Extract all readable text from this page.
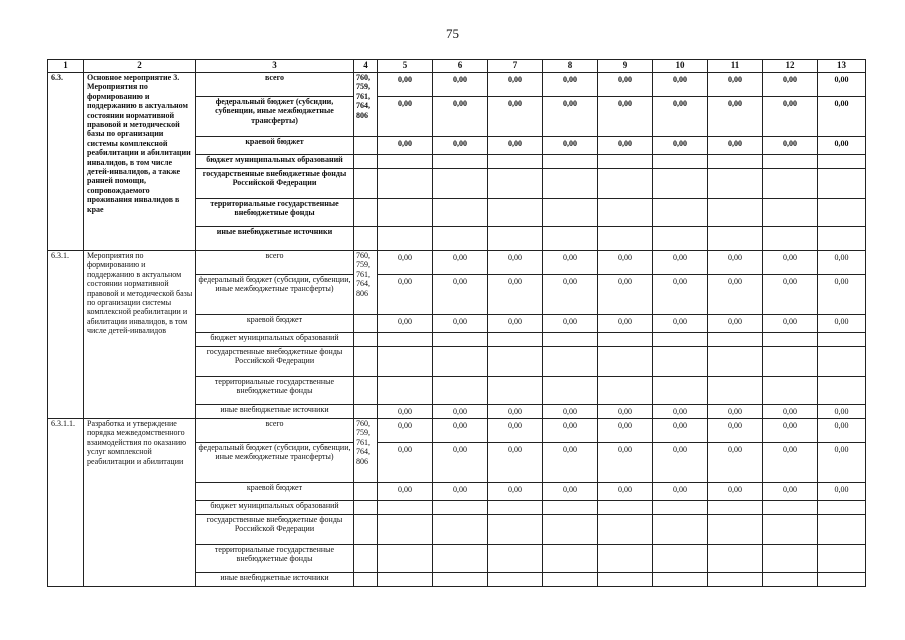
75
1	2	3	4	5	6	7	8	9	10	11	12	13
6.3.	Основное мероприятие 3. Мероприятия по формированию и поддержанию в актуальном состоянии нормативной правовой и методической базы по организации системы комплексной реабилитации и абилитации инвалидов, в том числе детей-инвалидов, а также ранней помощи, сопровождаемого проживания инвалидов в крае	всего	760, 759, 761, 764, 806	0,00	0,00	0,00	0,00	0,00	0,00	0,00	0,00	0,00
		федеральный бюджет (субсидии, субвенции, иные межбюджетные трансферты)		0,00	0,00	0,00	0,00	0,00	0,00	0,00	0,00	0,00
		краевой бюджет		0,00	0,00	0,00	0,00	0,00	0,00	0,00	0,00	0,00
		бюджет муниципальных образований										
		государственные внебюджетные фонды Российской Федерации										
		территориальные государственные внебюджетные фонды										
		иные внебюджетные источники										
6.3.1.	Мероприятия по формированию и поддержанию в актуальном состоянии нормативной правовой и методической базы по организации системы комплексной реабилитации и абилитации инвалидов, в том числе детей-инвалидов	всего	760, 759, 761, 764, 806	0,00	0,00	0,00	0,00	0,00	0,00	0,00	0,00	0,00
		федеральный бюджет (субсидии, субвенции, иные межбюджетные трансферты)		0,00	0,00	0,00	0,00	0,00	0,00	0,00	0,00	0,00
		краевой бюджет		0,00	0,00	0,00	0,00	0,00	0,00	0,00	0,00	0,00
		бюджет муниципальных образований										
		государственные внебюджетные фонды Российской Федерации										
		территориальные государственные внебюджетные фонды										
		иные внебюджетные источники		0,00	0,00	0,00	0,00	0,00	0,00	0,00	0,00	0,00
6.3.1.1.	Разработка и утверждение порядка межведомственного взаимодействия по оказанию услуг комплексной реабилитации и абилитации	всего	760, 759, 761, 764, 806	0,00	0,00	0,00	0,00	0,00	0,00	0,00	0,00	0,00
		федеральный бюджет (субсидии, субвенции, иные межбюджетные трансферты)		0,00	0,00	0,00	0,00	0,00	0,00	0,00	0,00	0,00
		краевой бюджет		0,00	0,00	0,00	0,00	0,00	0,00	0,00	0,00	0,00
		бюджет муниципальных образований										
		государственные внебюджетные фонды Российской Федерации										
		территориальные государственные внебюджетные фонды										
		иные внебюджетные источники										
